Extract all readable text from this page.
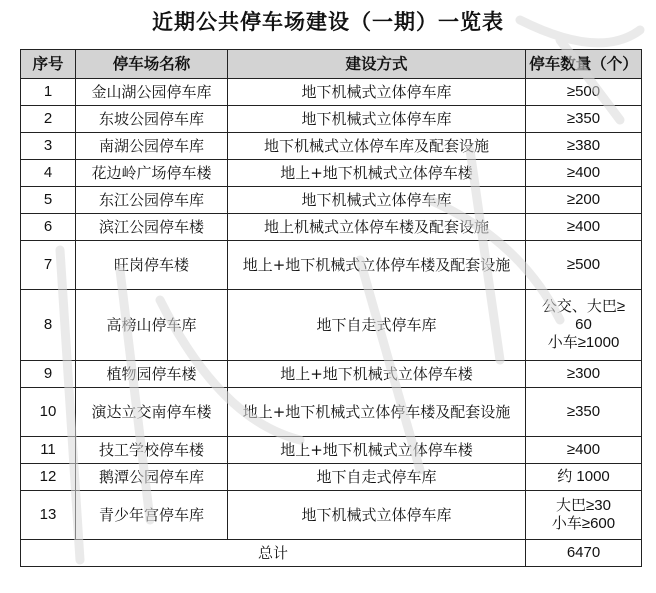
近期公共停车场建设（一期）一览表
序号	停车场名称	建设方式	停车数量（个）
1	金山湖公园停车库	地下机械式立体停车库	≥500
2	东坡公园停车库	地下机械式立体停车库	≥350
3	南湖公园停车库	地下机械式立体停车库及配套设施	≥380
4	花边岭广场停车楼	地上+地下机械式立体停车楼	≥400
5	东江公园停车库	地下机械式立体停车库	≥200
6	滨江公园停车楼	地上机械式立体停车楼及配套设施	≥400
7	旺岗停车楼	地上+地下机械式立体停车楼及配套设施	≥500
8	高榜山停车库	地下自走式停车库	公交、大巴≥
60
小车≥1000
9	植物园停车楼	地上+地下机械式立体停车楼	≥300
10	演达立交南停车楼	地上+地下机械式立体停车楼及配套设施	≥350
11	技工学校停车楼	地上+地下机械式立体停车楼	≥400
12	鹅潭公园停车库	地下自走式停车库	约 1000
13	青少年宫停车库	地下机械式立体停车库	大巴≥30
小车≥600
总计			6470
